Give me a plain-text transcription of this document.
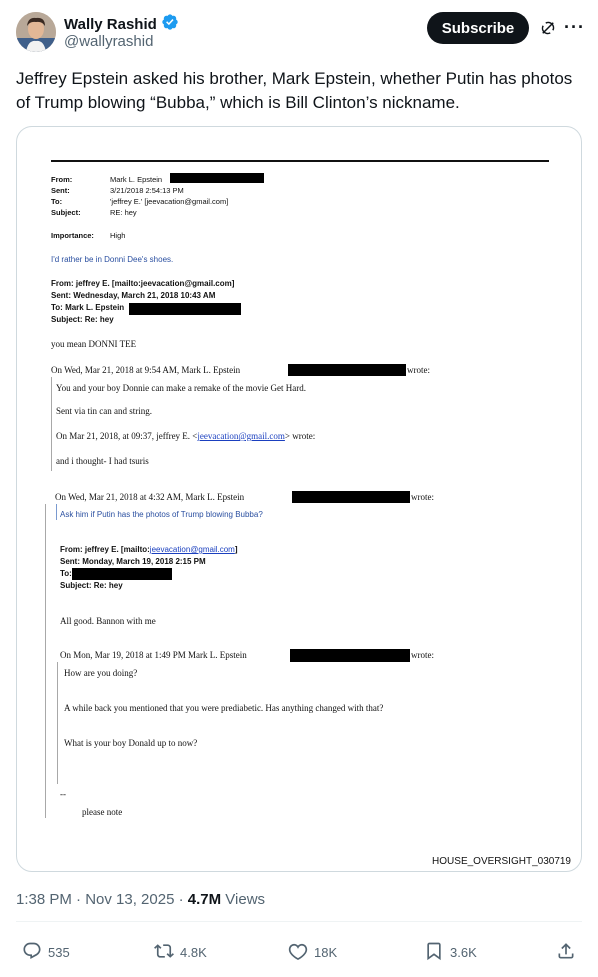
Wally Rashid
@wallyrashid
Subscribe	···
Jeffrey Epstein asked his brother, Mark Epstein, whether Putin has photos of Trump blowing “Bubba,” which is Bill Clinton’s nickname.
From:	Mark L. Epstein
Sent:	3/21/2018 2:54:13 PM
To:	'jeffrey E.' [jeevacation@gmail.com]
Subject:	RE: hey
Importance: High
I'd rather be in Donni Dee's shoes.
From: jeffrey E. [mailto:jeevacation@gmail.com]
Sent: Wednesday, March 21, 2018 10:43 AM
To: Mark L. Epstein
Subject: Re: hey
you mean DONNI TEE
On Wed, Mar 21, 2018 at 9:54 AM, Mark L. Epstein	wrote:
You and your boy Donnie can make a remake of the movie Get Hard.
Sent via tin can and string.
On Mar 21, 2018, at 09:37, jeffrey E. <jeevacation@gmail.com> wrote:
and i thought- I had tsuris
On Wed, Mar 21, 2018 at 4:32 AM, Mark L. Epstein	wrote:
Ask him if Putin has the photos of Trump blowing Bubba?
From: jeffrey E. [mailto:jeevacation@gmail.com]
Sent: Monday, March 19, 2018 2:15 PM
To:
Subject: Re: hey
All good. Bannon with me
On Mon, Mar 19, 2018 at 1:49 PM Mark L. Epstein	wrote:
How are you doing?
A while back you mentioned that you were prediabetic. Has anything changed with that?
What is your boy Donald up to now?
--
please note
HOUSE_OVERSIGHT_030719
1:38 PM · Nov 13, 2025 · 4.7M Views
535	4.8K	18K	3.6K
